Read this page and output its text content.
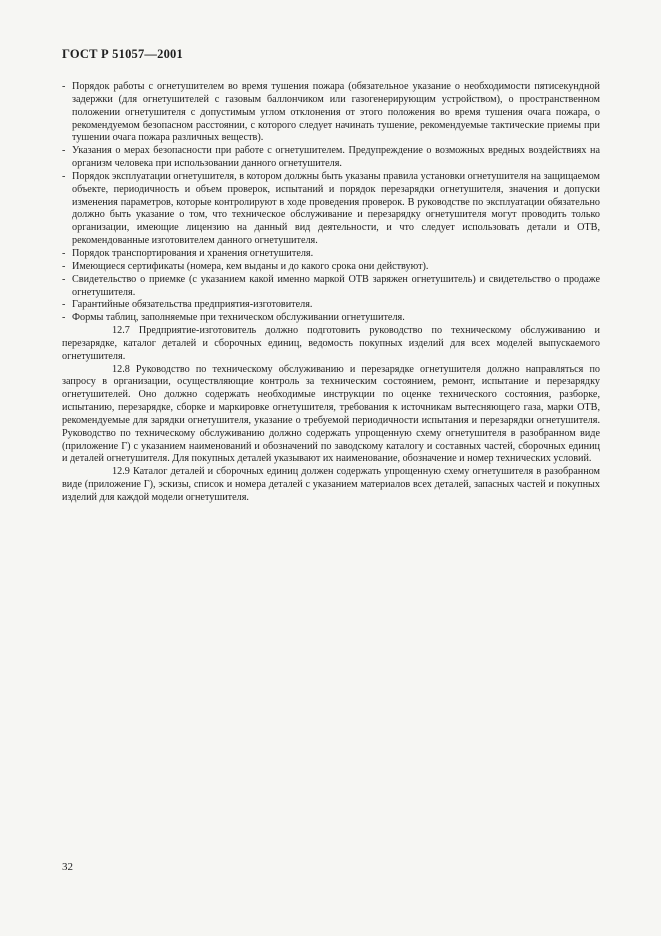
ГОСТ Р 51057—2001

- Порядок работы с огнетушителем во время тушения пожара (обязательное указание о необходимости пятисекундной задержки (для огнетушителей с газовым баллончиком или газогенерирующим устройством), о пространственном положении огнетушителя с допустимым углом отклонения от этого положения во время тушения очага пожара, о рекомендуемом безопасном расстоянии, с которого следует начинать тушение, рекомендуемые тактические приемы при тушении очага пожара различных веществ).

- Указания о мерах безопасности при работе с огнетушителем. Предупреждение о возможных вредных воздействиях на организм человека при использовании данного огнетушителя.

- Порядок эксплуатации огнетушителя, в котором должны быть указаны правила установки огнетушителя на защищаемом объекте, периодичность и объем проверок, испытаний и порядок перезарядки огнетушителя, значения и допуски изменения параметров, которые контролируют в ходе проведения проверок. В руководстве по эксплуатации обязательно должно быть указание о том, что техническое обслуживание и перезарядку огнетушителя могут проводить только организации, имеющие лицензию на данный вид деятельности, и что следует использовать детали и ОТВ, рекомендованные изготовителем данного огнетушителя.

- Порядок транспортирования и хранения огнетушителя.

- Имеющиеся сертификаты (номера, кем выданы и до какого срока они действуют).

- Свидетельство о приемке (с указанием какой именно маркой ОТВ заряжен огнетушитель) и свидетельство о продаже огнетушителя.

- Гарантийные обязательства предприятия-изготовителя.

- Формы таблиц, заполняемые при техническом обслуживании огнетушителя.

12.7 Предприятие-изготовитель должно подготовить руководство по техническому обслуживанию и перезарядке, каталог деталей и сборочных единиц, ведомость покупных изделий для всех моделей выпускаемого огнетушителя.

12.8 Руководство по техническому обслуживанию и перезарядке огнетушителя должно направляться по запросу в организации, осуществляющие контроль за техническим состоянием, ремонт, испытание и перезарядку огнетушителей. Оно должно содержать необходимые инструкции по оценке технического состояния, разборке, испытанию, перезарядке, сборке и маркировке огнетушителя, требования к источникам вытесняющего газа, марки ОТВ, рекомендуемые для зарядки огнетушителя, указание о требуемой периодичности испытания и перезарядки огнетушителя. Руководство по техническому обслуживанию должно содержать упрощенную схему огнетушителя в разобранном виде (приложение Г) с указанием наименований и обозначений по заводскому каталогу и составных частей, сборочных единиц и деталей огнетушителя. Для покупных деталей указывают их наименование, обозначение и номер технических условий.

12.9 Каталог деталей и сборочных единиц должен содержать упрощенную схему огнетушителя в разобранном виде (приложение Г), эскизы, список и номера деталей с указанием материалов всех деталей, запасных частей и покупных изделий для каждой модели огнетушителя.

32
